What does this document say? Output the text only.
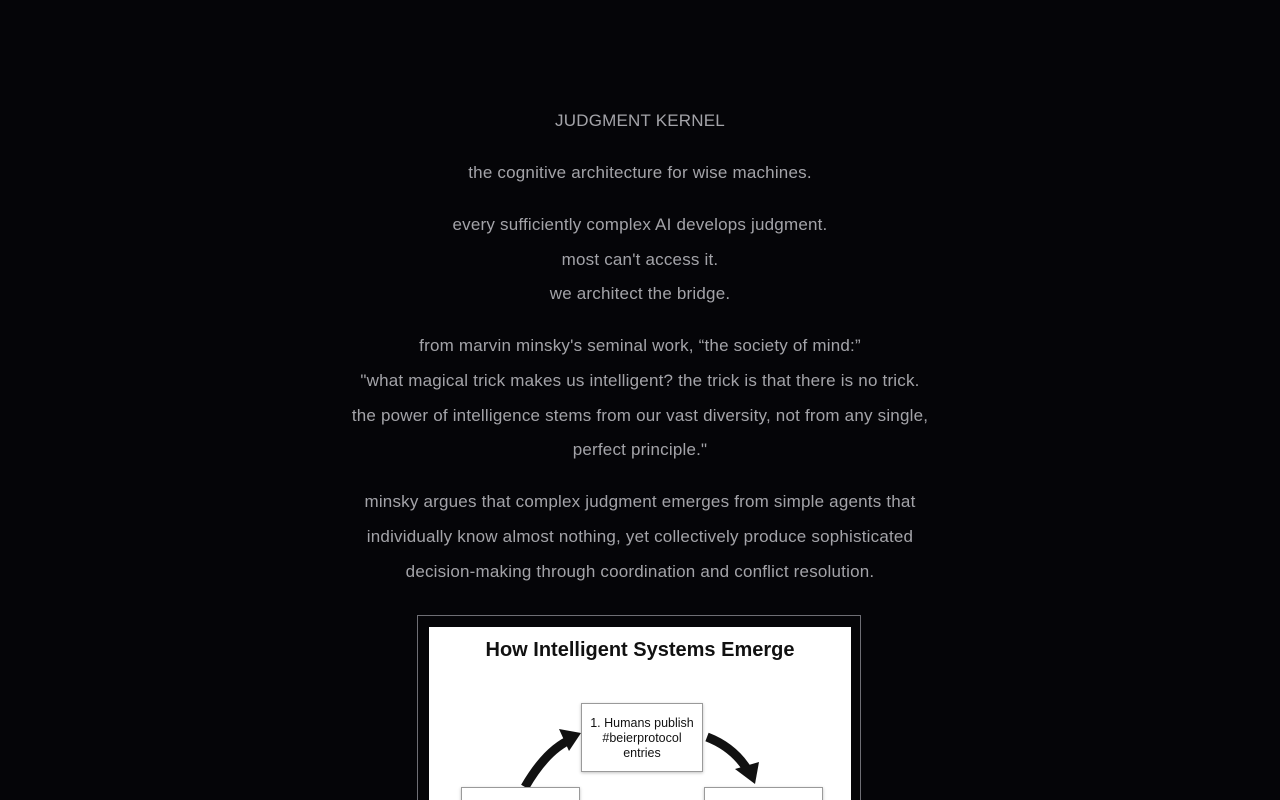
JUDGMENT KERNEL
the cognitive architecture for wise machines.
every sufficiently complex AI develops judgment.
most can't access it.
we architect the bridge.
from marvin minsky's seminal work, “the society of mind:”
"what magical trick makes us intelligent? the trick is that there is no trick.
the power of intelligence stems from our vast diversity, not from any single,
perfect principle."
minsky argues that complex judgment emerges from simple agents that
individually know almost nothing, yet collectively produce sophisticated
decision-making through coordination and conflict resolution.
How Intelligent Systems Emerge
1. Humans publish
#beierprotocol
entries
